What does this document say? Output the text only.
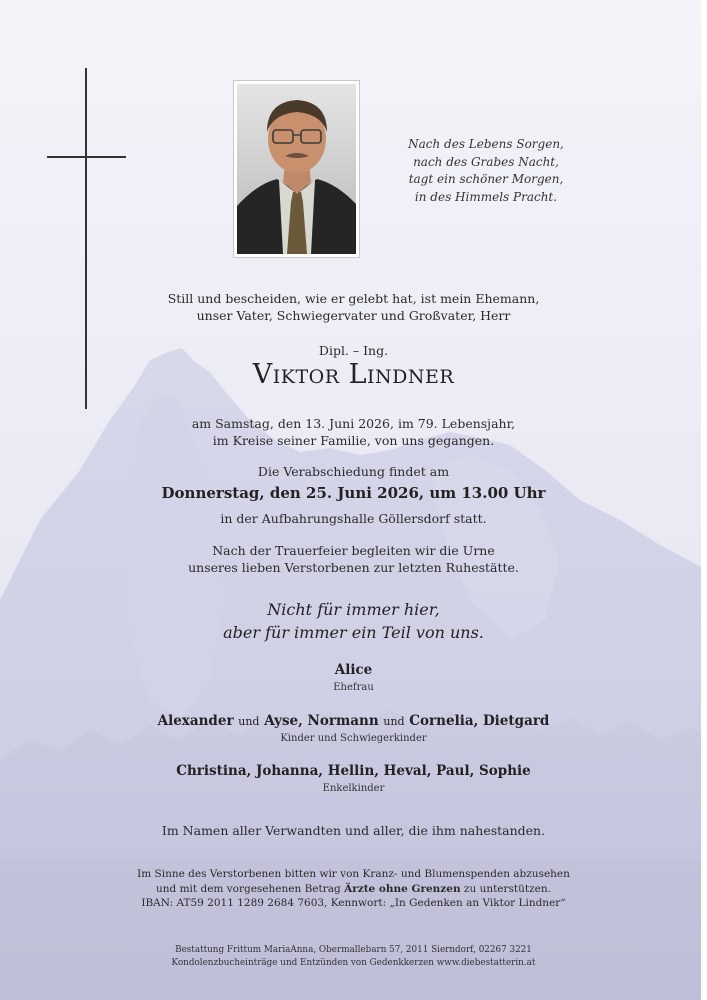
Nach des Lebens Sorgen,
nach des Grabes Nacht,
tagt ein schöner Morgen,
in des Himmels Pracht.
Still und bescheiden, wie er gelebt hat, ist mein Ehemann,
unser Vater, Schwiegervater und Großvater, Herr
Dipl. – Ing.
Viktor Lindner
am Samstag, den 13. Juni 2026, im 79. Lebensjahr,
im Kreise seiner Familie, von uns gegangen.
Die Verabschiedung findet am
Donnerstag, den 25. Juni 2026, um 13.00 Uhr
in der Aufbahrungshalle Göllersdorf statt.
Nach der Trauerfeier begleiten wir die Urne
unseres lieben Verstorbenen zur letzten Ruhestätte.
Nicht für immer hier,
aber für immer ein Teil von uns.
Alice
Ehefrau
Alexander und Ayse, Normann und Cornelia, Dietgard
Kinder und Schwiegerkinder
Christina, Johanna, Hellin, Heval, Paul, Sophie
Enkelkinder
Im Namen aller Verwandten und aller, die ihm nahestanden.
Im Sinne des Verstorbenen bitten wir von Kranz- und Blumenspenden abzusehen
und mit dem vorgesehenen Betrag Ärzte ohne Grenzen zu unterstützen.
IBAN: AT59 2011 1289 2684 7603, Kennwort: „In Gedenken an Viktor Lindner“
Bestattung Frittum MariaAnna, Obermallebarn 57, 2011 Sierndorf, 02267 3221
Kondolenzbucheinträge und Entzünden von Gedenkkerzen www.diebestatterin.at
